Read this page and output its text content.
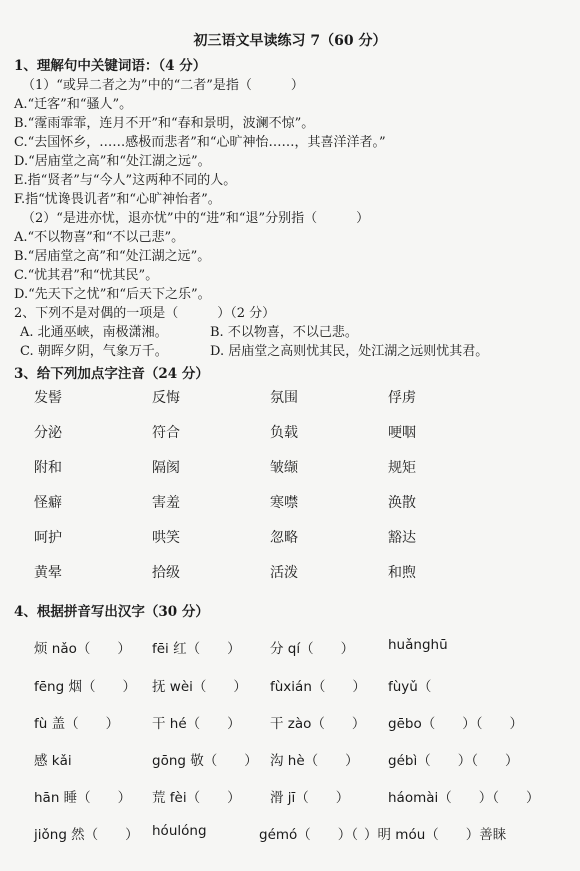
初三语文早读练习 7（60 分）
1、理解句中关键词语：（4 分）
（1）“或异二者之为”中的“二者”是指（　　　）
A.“迁客”和“骚人”。
B.“霪雨霏霏，连月不开”和“春和景明，波澜不惊”。
C.“去国怀乡，……感极而悲者”和“心旷神怡……，其喜洋洋者。”
D.“居庙堂之高”和“处江湖之远”。
E.指“贤者”与“今人”这两种不同的人。
F.指“忧谗畏讥者”和“心旷神怡者”。
（2）“是进亦忧，退亦忧”中的“进”和“退”分别指（　　　）
A.“不以物喜”和“不以己悲”。
B.“居庙堂之高”和“处江湖之远”。
C.“忧其君”和“忧其民”。
D.“先天下之忧”和“后天下之乐”。
2、下列不是对偶的一项是（　　　）（2 分）
A. 北通巫峡，南极潇湘。	B. 不以物喜，不以己悲。
C. 朝晖夕阴，气象万千。	D. 居庙堂之高则忧其民，处江湖之远则忧其君。
3、给下列加点字注音（24 分）
发髻	反悔	氛围	俘虏
分泌	符合	负载	哽咽
附和	隔阂	皱缬	规矩
怪癖	害羞	寒噤	涣散
呵护	哄笑	忽略	豁达
黄晕	拾级	活泼	和煦
4、根据拼音写出汉字（30 分）
烦 nǎo（　　） fēi 红（　　） 分 qí（　　）	huǎnghū
fēng 烟（　　） 抚 wèi（　　） fùxián（　　） fùyǔ（
fù 盖（　　） 干 hé（　　） 干 zào（　　） gēbo（　　）（　　）
感 kǎi	gōng 敬（　　） 沟 hè（　　） gébì（　　）（　　）
hān 睡（　　） 荒 fèi（　　） 滑 jī（　　）	háomài（　　）（　　）
jiǒng 然（　　） hóulóng	gémó（　　）（ ）明 móu（　　）善睐
